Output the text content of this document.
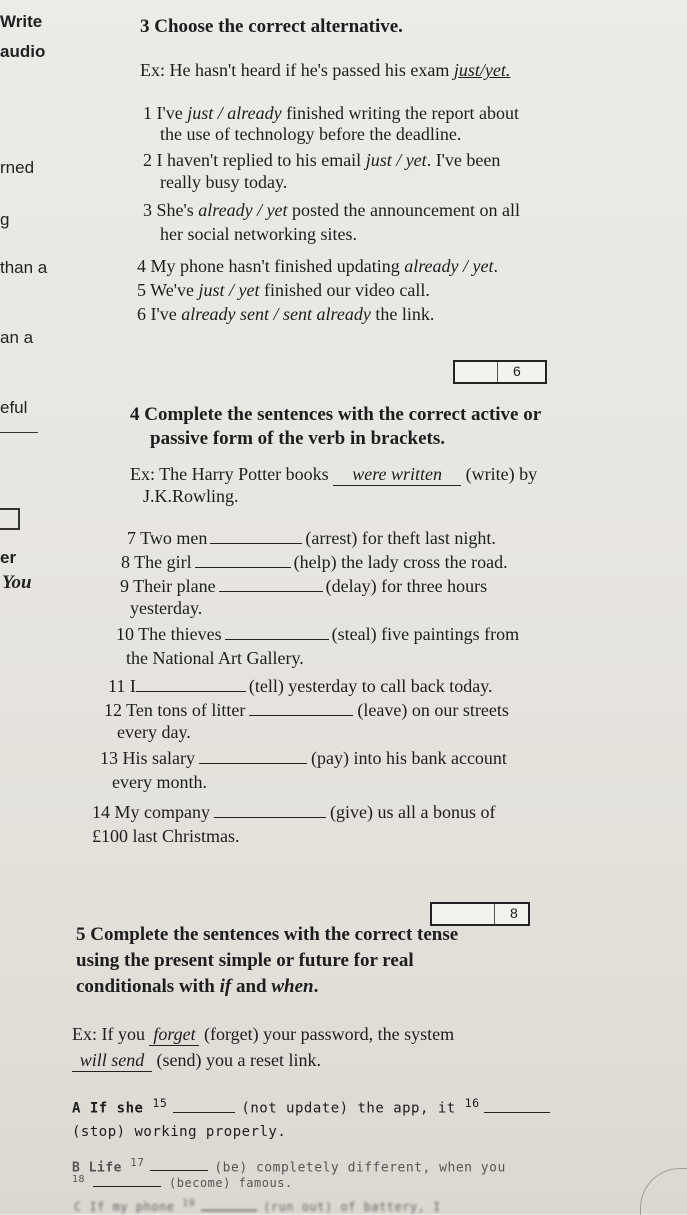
Write
audio
rned
g
than a
an a
eful
er
You
3 Choose the correct alternative.
Ex: He hasn't heard if he's passed his exam just/yet.
1 I've just / already finished writing the report about
the use of technology before the deadline.
2 I haven't replied to his email just / yet. I've been
really busy today.
3 She's already / yet posted the announcement on all
her social networking sites.
4 My phone hasn't finished updating already / yet.
5 We've just / yet finished our video call.
6 I've already sent / sent already the link.
6
4 Complete the sentences with the correct active or
passive form of the verb in brackets.
Ex: The Harry Potter books were written (write) by
J.K.Rowling.
7 Two men	(arrest) for theft last night.
8 The girl	(help) the lady cross the road.
9 Their plane	(delay) for three hours
yesterday.
10 The thieves	(steal) five paintings from
the National Art Gallery.
11 I	(tell) yesterday to call back today.
12 Ten tons of litter	(leave) on our streets
every day.
13 His salary	(pay) into his bank account
every month.
14 My company	(give) us all a bonus of
£100 last Christmas.
8
5 Complete the sentences with the correct tense
using the present simple or future for real
conditionals with if and when.
Ex: If you forget (forget) your password, the system
will send (send) you a reset link.
A If she $^{15}$	(not update) the app, it $^{16}$
(stop) working properly.
B Life $^{17}$	(be) completely different, when you
$^{18}$	(become) famous.
C If my phone $^{19}$	(run out) of battery, I
